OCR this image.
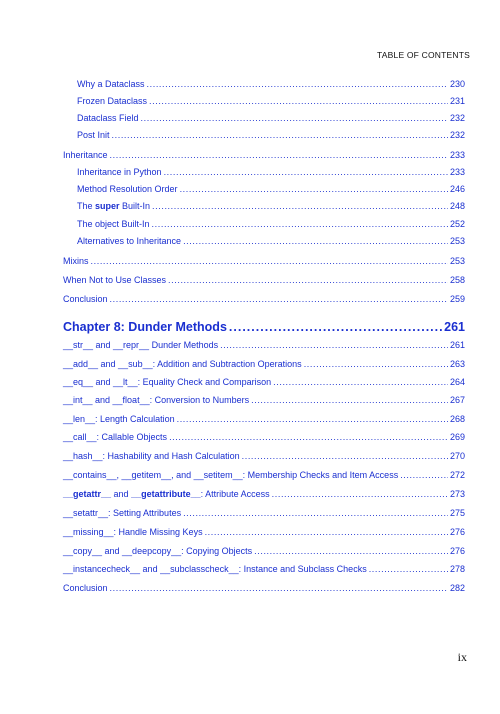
TABLE OF CONTENTS
Why a Dataclass .....	230
Frozen Dataclass .....	231
Dataclass Field .....	232
Post Init .....	232
Inheritance .....	233
Inheritance in Python .....	233
Method Resolution Order .....	246
The super Built-In .....	248
The object Built-In .....	252
Alternatives to Inheritance .....	253
Mixins .....	253
When Not to Use Classes .....	258
Conclusion .....	259
Chapter 8: Dunder Methods .....	261
__str__ and __repr__ Dunder Methods .....	261
__add__ and __sub__: Addition and Subtraction Operations .....	263
__eq__ and __lt__: Equality Check and Comparison .....	264
__int__ and __float__: Conversion to Numbers .....	267
__len__: Length Calculation .....	268
__call__: Callable Objects .....	269
__hash__: Hashability and Hash Calculation .....	270
__contains__, __getitem__, and __setitem__: Membership Checks and Item Access .....	272
__getattr__ and __getattribute__: Attribute Access .....	273
__setattr__: Setting Attributes .....	275
__missing__: Handle Missing Keys .....	276
__copy__ and __deepcopy__: Copying Objects .....	276
__instancecheck__ and __subclasscheck__: Instance and Subclass Checks .....	278
Conclusion .....	282
ix
